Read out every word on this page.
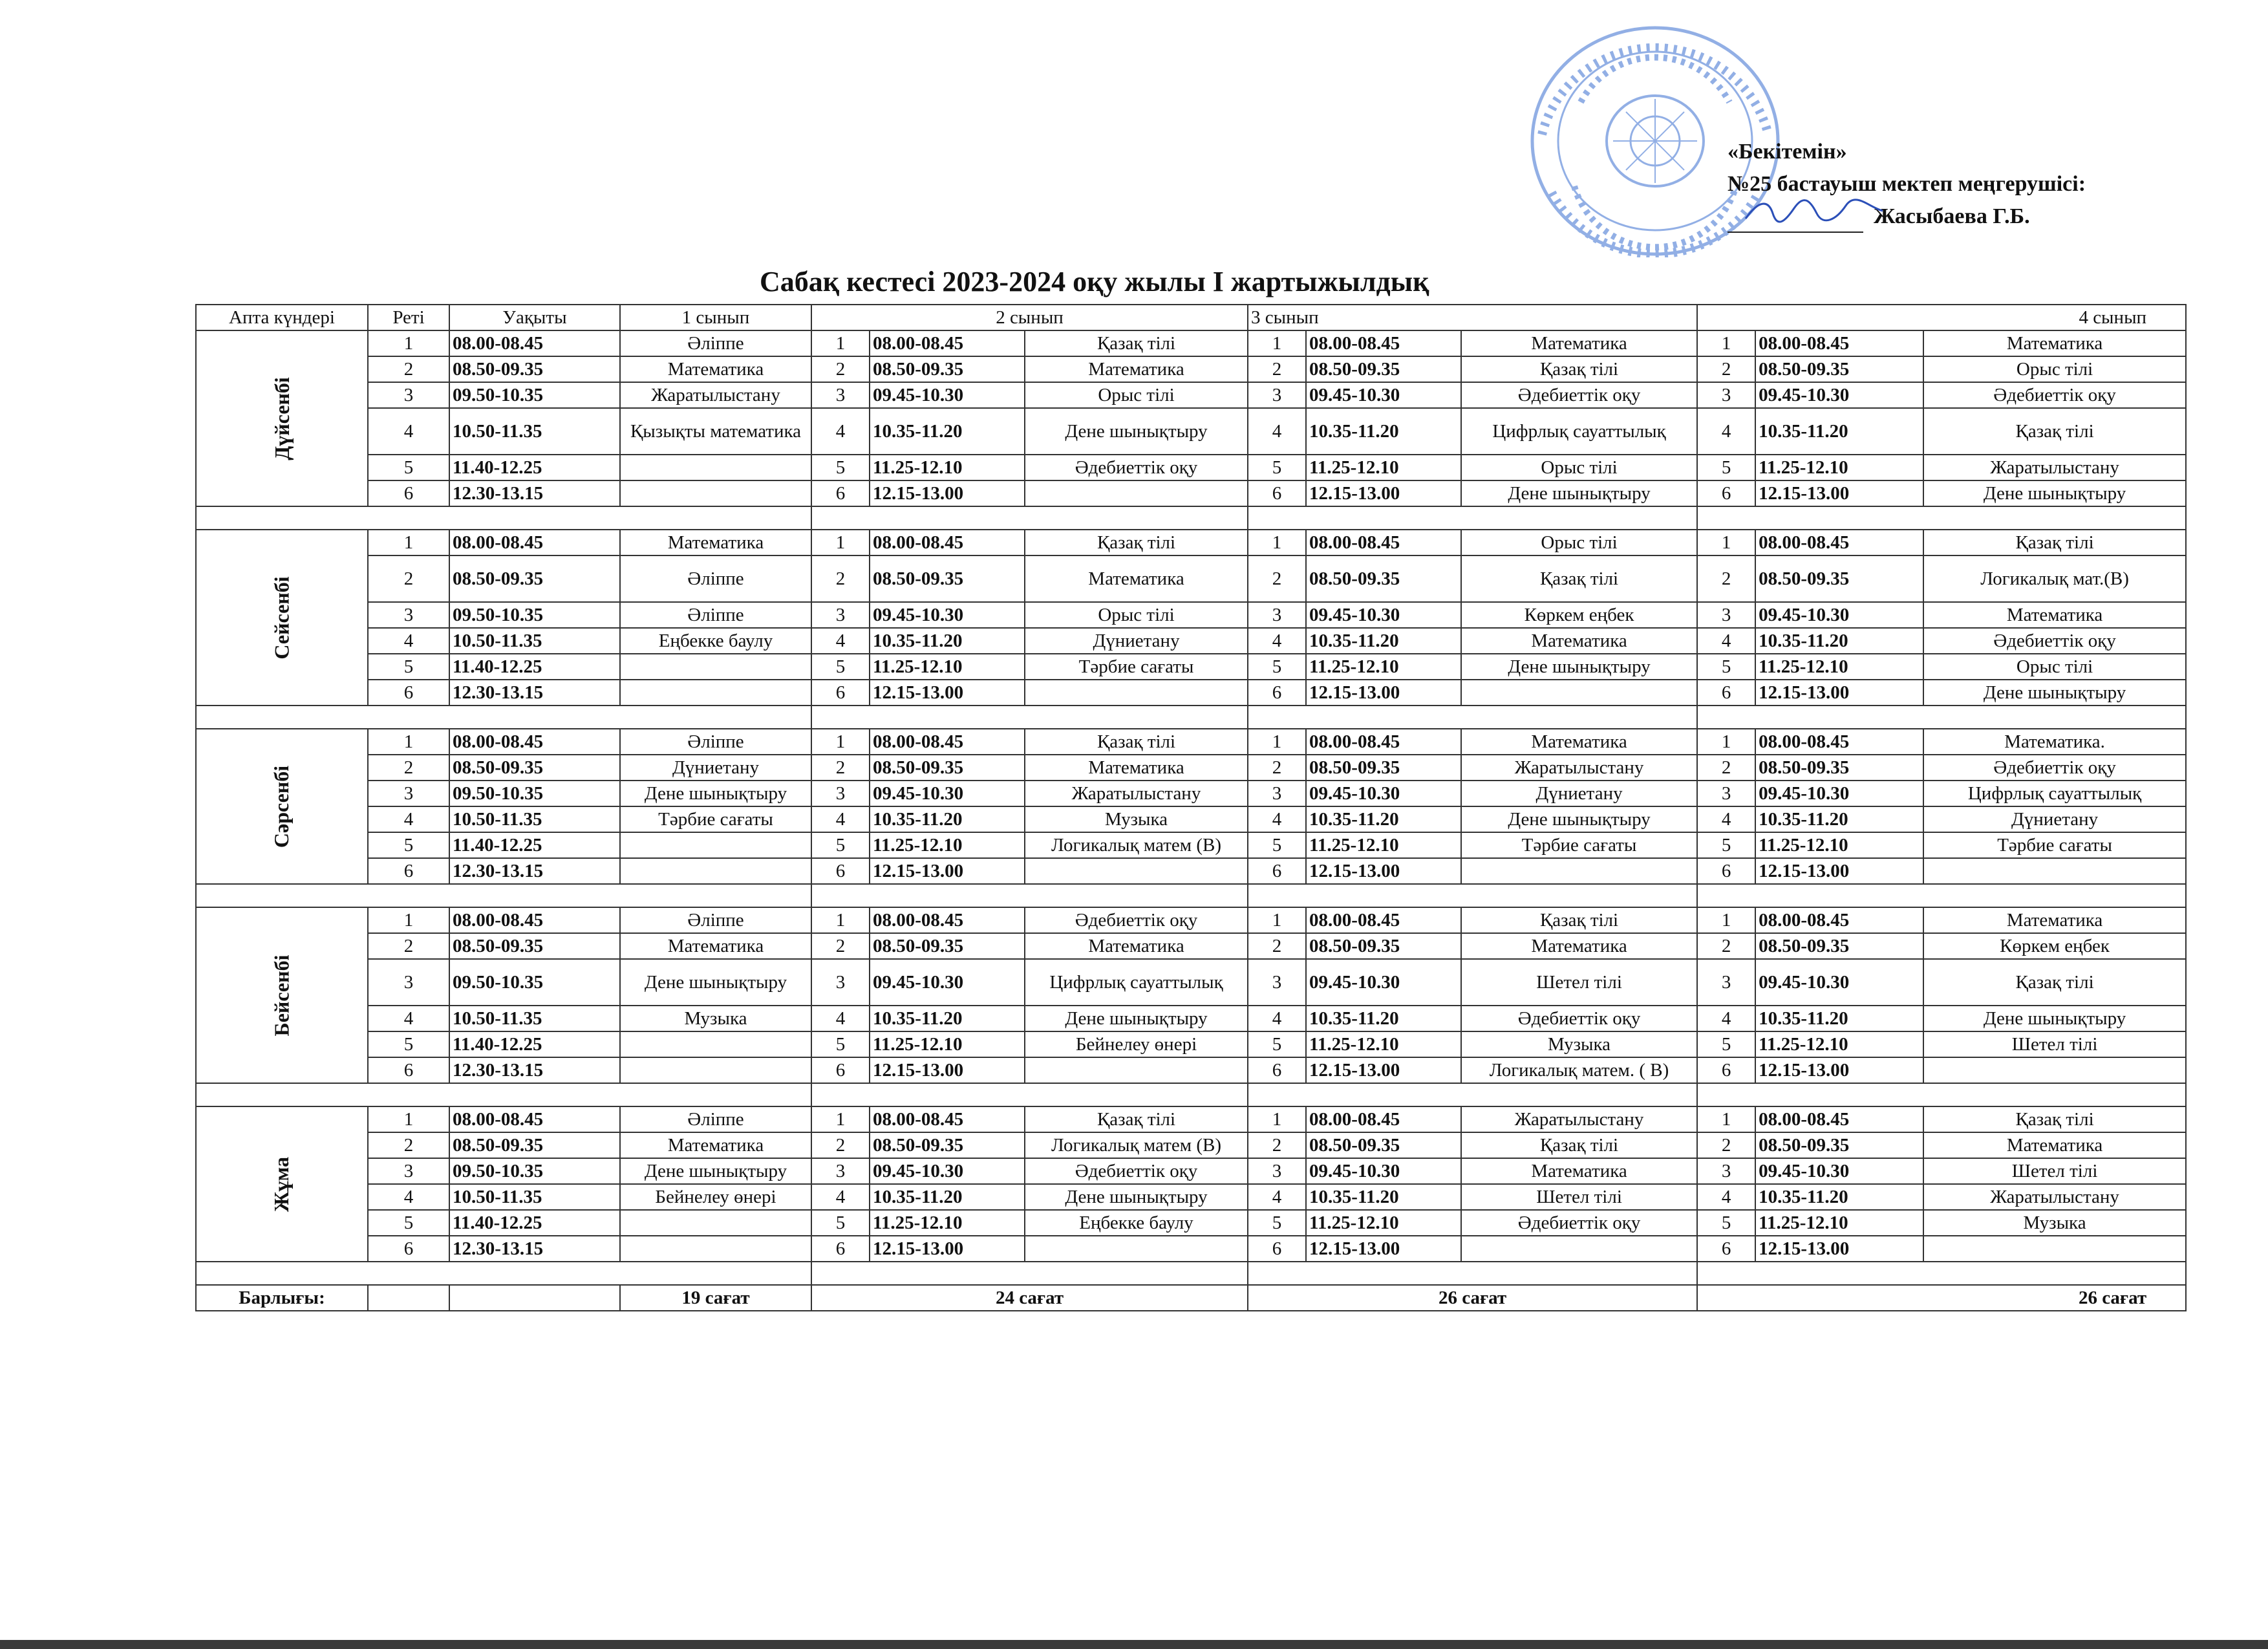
«Бекітемін»
№25 бастауыш мектеп меңгерушісі:
Жасыбаева Г.Б.
Сабақ кестесі 2023-2024 оқу жылы І жартыжылдық
Апта күндері	Реті	Уақыты	1 сынып	2 сынып			3 сынып			4 сынып		
Дүйсенбі	1	08.00-08.45	Әліппе	1	08.00-08.45	Қазақ тілі	1	08.00-08.45	Математика	1	08.00-08.45	Математика
	2	08.50-09.35	Математика	2	08.50-09.35	Математика	2	08.50-09.35	Қазақ тілі	2	08.50-09.35	Орыс тілі
	3	09.50-10.35	Жаратылыстану	3	09.45-10.30	Орыс тілі	3	09.45-10.30	Әдебиеттік оқу	3	09.45-10.30	Әдебиеттік оқу
	4	10.50-11.35	Қызықты математика	4	10.35-11.20	Дене шынықтыру	4	10.35-11.20	Цифрлық сауаттылық	4	10.35-11.20	Қазақ тілі
	5	11.40-12.25		5	11.25-12.10	Әдебиеттік оқу	5	11.25-12.10	Орыс тілі	5	11.25-12.10	Жаратылыстану
	6	12.30-13.15		6	12.15-13.00		6	12.15-13.00	Дене шынықтыру	6	12.15-13.00	Дене шынықтыру

Сейсенбі	1	08.00-08.45	Математика	1	08.00-08.45	Қазақ тілі	1	08.00-08.45	Орыс тілі	1	08.00-08.45	Қазақ тілі
	2	08.50-09.35	Әліппе	2	08.50-09.35	Математика	2	08.50-09.35	Қазақ тілі	2	08.50-09.35	Логикалық мат.(В)
	3	09.50-10.35	Әліппе	3	09.45-10.30	Орыс тілі	3	09.45-10.30	Көркем еңбек	3	09.45-10.30	Математика
	4	10.50-11.35	Еңбекке баулу	4	10.35-11.20	Дүниетану	4	10.35-11.20	Математика	4	10.35-11.20	Әдебиеттік оқу
	5	11.40-12.25		5	11.25-12.10	Тәрбие сағаты	5	11.25-12.10	Дене шынықтыру	5	11.25-12.10	Орыс тілі
	6	12.30-13.15		6	12.15-13.00		6	12.15-13.00		6	12.15-13.00	Дене шынықтыру

Сәрсенбі	1	08.00-08.45	Әліппе	1	08.00-08.45	Қазақ тілі	1	08.00-08.45	Математика	1	08.00-08.45	Математика.
	2	08.50-09.35	Дүниетану	2	08.50-09.35	Математика	2	08.50-09.35	Жаратылыстану	2	08.50-09.35	Әдебиеттік оқу
	3	09.50-10.35	Дене шынықтыру	3	09.45-10.30	Жаратылыстану	3	09.45-10.30	Дүниетану	3	09.45-10.30	Цифрлық сауаттылық
	4	10.50-11.35	Тәрбие сағаты	4	10.35-11.20	Музыка	4	10.35-11.20	Дене шынықтыру	4	10.35-11.20	Дүниетану
	5	11.40-12.25		5	11.25-12.10	Логикалық матем (В)	5	11.25-12.10	Тәрбие сағаты	5	11.25-12.10	Тәрбие сағаты
	6	12.30-13.15		6	12.15-13.00		6	12.15-13.00		6	12.15-13.00	

Бейсенбі	1	08.00-08.45	Әліппе	1	08.00-08.45	Әдебиеттік оқу	1	08.00-08.45	Қазақ тілі	1	08.00-08.45	Математика
	2	08.50-09.35	Математика	2	08.50-09.35	Математика	2	08.50-09.35	Математика	2	08.50-09.35	Көркем еңбек
	3	09.50-10.35	Дене шынықтыру	3	09.45-10.30	Цифрлық сауаттылық	3	09.45-10.30	Шетел тілі	3	09.45-10.30	Қазақ тілі
	4	10.50-11.35	Музыка	4	10.35-11.20	Дене шынықтыру	4	10.35-11.20	Әдебиеттік оқу	4	10.35-11.20	Дене шынықтыру
	5	11.40-12.25		5	11.25-12.10	Бейнелеу өнері	5	11.25-12.10	Музыка	5	11.25-12.10	Шетел тілі
	6	12.30-13.15		6	12.15-13.00		6	12.15-13.00	Логикалық матем. ( В)	6	12.15-13.00	

Жұма	1	08.00-08.45	Әліппе	1	08.00-08.45	Қазақ тілі	1	08.00-08.45	Жаратылыстану	1	08.00-08.45	Қазақ тілі
	2	08.50-09.35	Математика	2	08.50-09.35	Логикалық матем (В)	2	08.50-09.35	Қазақ тілі	2	08.50-09.35	Математика
	3	09.50-10.35	Дене шынықтыру	3	09.45-10.30	Әдебиеттік оқу	3	09.45-10.30	Математика	3	09.45-10.30	Шетел тілі
	4	10.50-11.35	Бейнелеу өнері	4	10.35-11.20	Дене шынықтыру	4	10.35-11.20	Шетел тілі	4	10.35-11.20	Жаратылыстану
	5	11.40-12.25		5	11.25-12.10	Еңбекке баулу	5	11.25-12.10	Әдебиеттік оқу	5	11.25-12.10	Музыка
	6	12.30-13.15		6	12.15-13.00		6	12.15-13.00		6	12.15-13.00	

Барлығы:			19 сағат	24 сағат			26 сағат			26 сағат		
